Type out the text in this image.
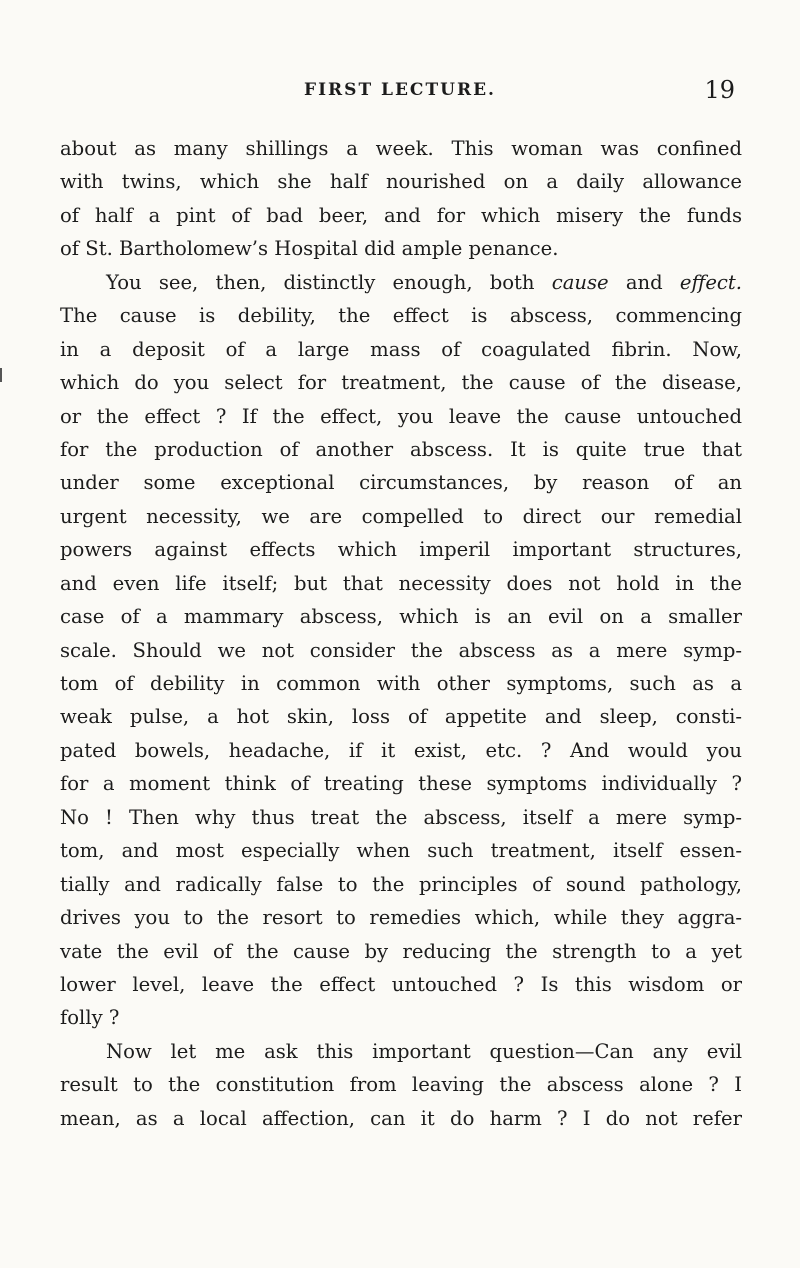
FIRST LECTURE.	19
about as many shillings a week. This woman was confined
with twins, which she half nourished on a daily allowance
of half a pint of bad beer, and for which misery the funds
of St. Bartholomew’s Hospital did ample penance.
You see, then, distinctly enough, both cause and effect.
The cause is debility, the effect is abscess, commencing
in a deposit of a large mass of coagulated fibrin. Now,
which do you select for treatment, the cause of the disease,
or the effect ? If the effect, you leave the cause untouched
for the production of another abscess. It is quite true that
under some exceptional circumstances, by reason of an
urgent necessity, we are compelled to direct our remedial
powers against effects which imperil important structures,
and even life itself; but that necessity does not hold in the
case of a mammary abscess, which is an evil on a smaller
scale. Should we not consider the abscess as a mere symp-
tom of debility in common with other symptoms, such as a
weak pulse, a hot skin, loss of appetite and sleep, consti-
pated bowels, headache, if it exist, etc. ? And would you
for a moment think of treating these symptoms individually ?
No ! Then why thus treat the abscess, itself a mere symp-
tom, and most especially when such treatment, itself essen-
tially and radically false to the principles of sound pathology,
drives you to the resort to remedies which, while they aggra-
vate the evil of the cause by reducing the strength to a yet
lower level, leave the effect untouched ? Is this wisdom or
folly ?
Now let me ask this important question—Can any evil
result to the constitution from leaving the abscess alone ? I
mean, as a local affection, can it do harm ? I do not refer
